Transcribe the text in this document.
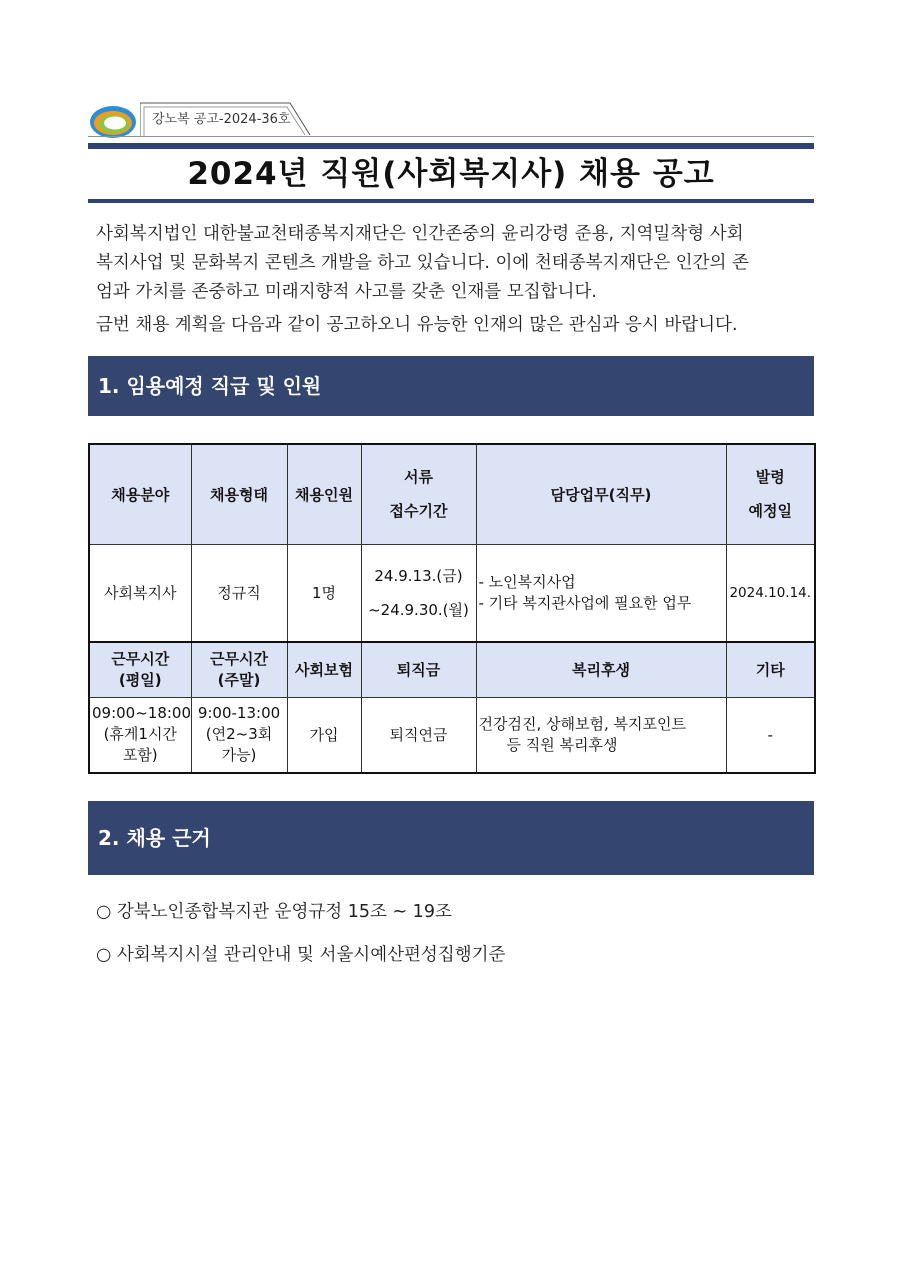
강노복 공고-2024-36호
2024년 직원(사회복지사) 채용 공고
사회복지법인 대한불교천태종복지재단은 인간존중의 윤리강령 준용, 지역밀착형 사회
복지사업 및 문화복지 콘텐츠 개발을 하고 있습니다. 이에 천태종복지재단은 인간의 존
엄과 가치를 존중하고 미래지향적 사고를 갖춘 인재를 모집합니다.
금번 채용 계획을 다음과 같이 공고하오니 유능한 인재의 많은 관심과 응시 바랍니다.
1. 임용예정 직급 및 인원
채용분야	채용형태	채용인원	서류
접수기간	담당업무(직무)	발령
예정일

사회복지사	정규직	1명	24.9.13.(금)
~24.9.30.(월)	- 노인복지사업
- 기타 복지관사업에 필요한 업무	2024.10.14.

근무시간
(평일)	근무시간
(주말)	사회보험	퇴직금	복리후생	기타

09:00~18:00
(휴게1시간
포함)	9:00-13:00
(연2~3회
가능)	가입	퇴직연금	건강검진, 상해보험, 복지포인트
등 직원 복리후생	-
2. 채용 근거
○ 강북노인종합복지관 운영규정 15조 ~ 19조
○ 사회복지시설 관리안내 및 서울시예산편성집행기준
